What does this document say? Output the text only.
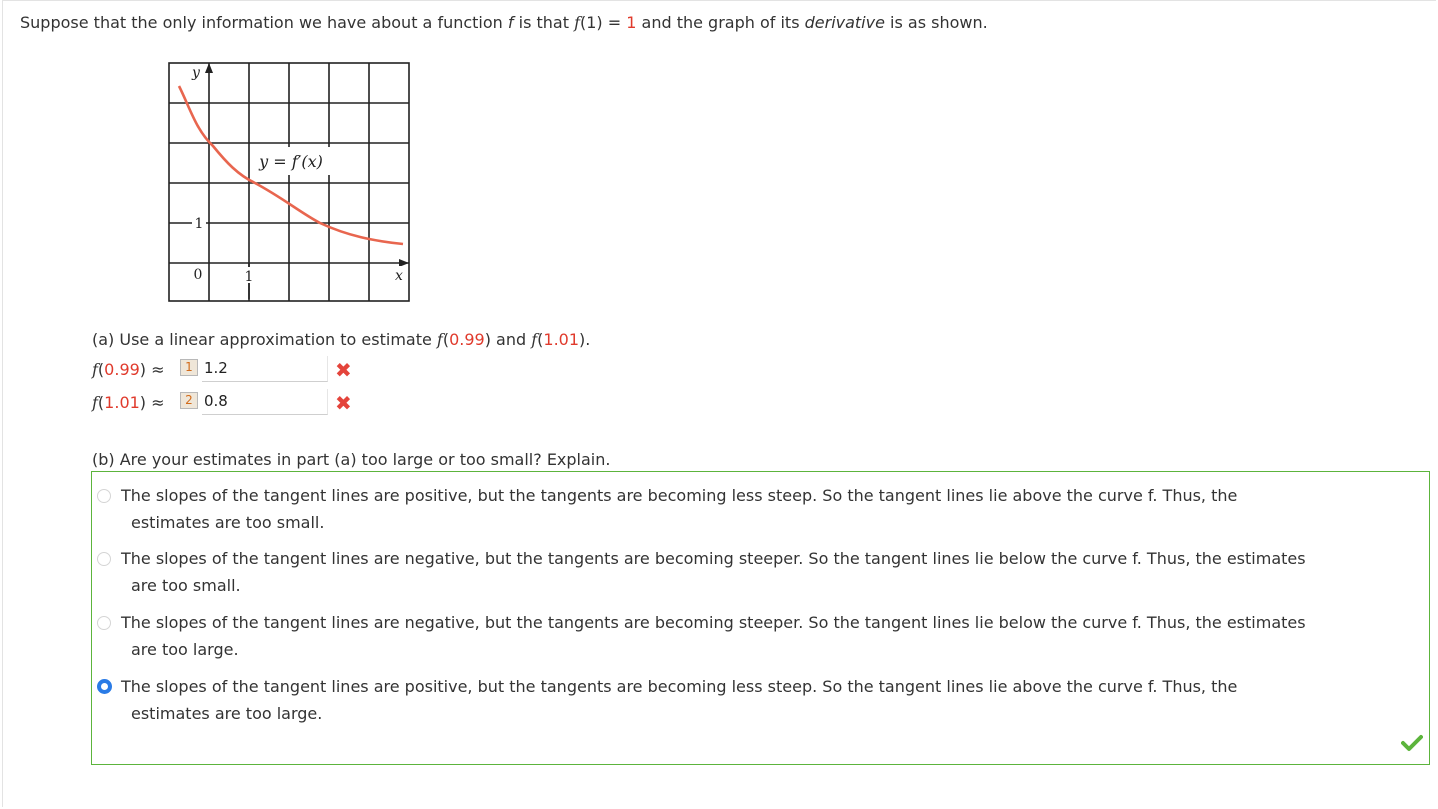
Suppose that the only information we have about a function f is that f(1) = 1 and the graph of its derivative is as shown.
y
x
0	1
1
y = f′(x)
(a) Use a linear approximation to estimate f(0.99) and f(1.01).
f(0.99) ≈	1 1.2	✖
f(1.01) ≈	2 0.8	✖
(b) Are your estimates in part (a) too large or too small? Explain.
The slopes of the tangent lines are positive, but the tangents are becoming less steep. So the tangent lines lie above the curve f. Thus, the
estimates are too small.
The slopes of the tangent lines are negative, but the tangents are becoming steeper. So the tangent lines lie below the curve f. Thus, the estimates
are too small.
The slopes of the tangent lines are negative, but the tangents are becoming steeper. So the tangent lines lie below the curve f. Thus, the estimates
are too large.
The slopes of the tangent lines are positive, but the tangents are becoming less steep. So the tangent lines lie above the curve f. Thus, the
estimates are too large.
